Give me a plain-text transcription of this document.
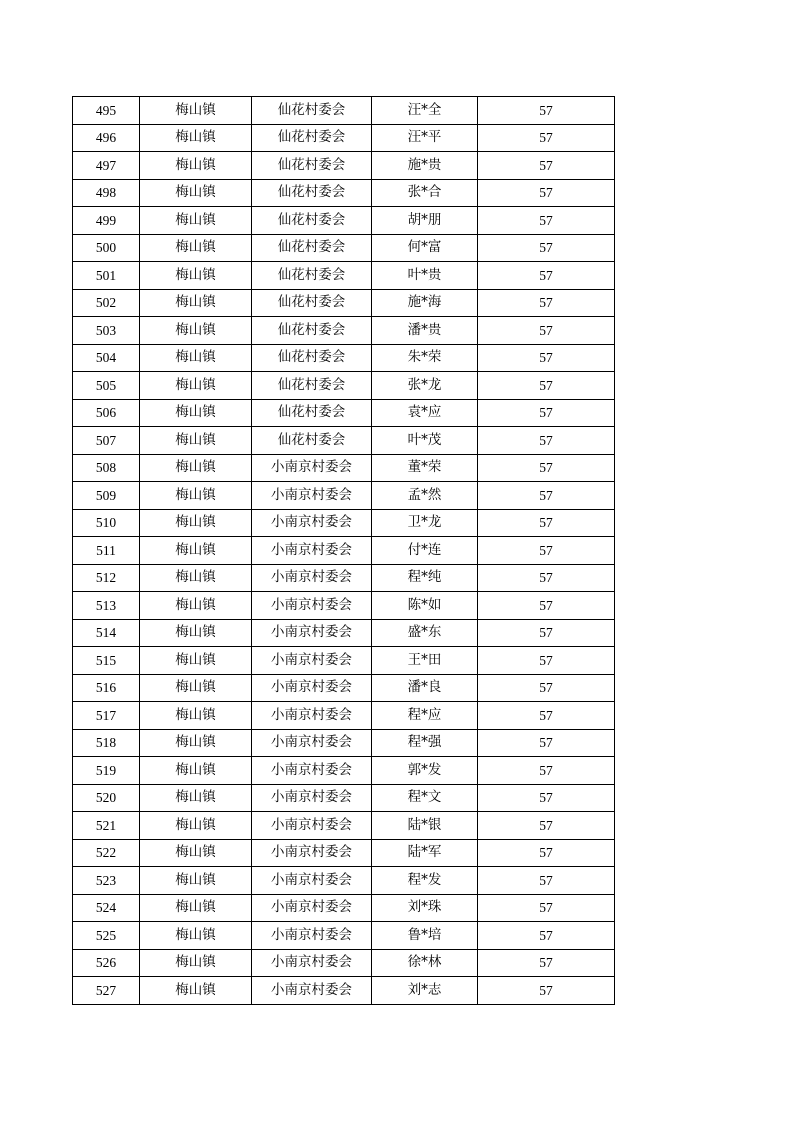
495	梅山镇	仙花村委会	汪*全	57
496	梅山镇	仙花村委会	汪*平	57
497	梅山镇	仙花村委会	施*贵	57
498	梅山镇	仙花村委会	张*合	57
499	梅山镇	仙花村委会	胡*朋	57
500	梅山镇	仙花村委会	何*富	57
501	梅山镇	仙花村委会	叶*贵	57
502	梅山镇	仙花村委会	施*海	57
503	梅山镇	仙花村委会	潘*贵	57
504	梅山镇	仙花村委会	朱*荣	57
505	梅山镇	仙花村委会	张*龙	57
506	梅山镇	仙花村委会	袁*应	57
507	梅山镇	仙花村委会	叶*茂	57
508	梅山镇	小南京村委会	董*荣	57
509	梅山镇	小南京村委会	孟*然	57
510	梅山镇	小南京村委会	卫*龙	57
511	梅山镇	小南京村委会	付*连	57
512	梅山镇	小南京村委会	程*纯	57
513	梅山镇	小南京村委会	陈*如	57
514	梅山镇	小南京村委会	盛*东	57
515	梅山镇	小南京村委会	王*田	57
516	梅山镇	小南京村委会	潘*良	57
517	梅山镇	小南京村委会	程*应	57
518	梅山镇	小南京村委会	程*强	57
519	梅山镇	小南京村委会	郭*发	57
520	梅山镇	小南京村委会	程*文	57
521	梅山镇	小南京村委会	陆*银	57
522	梅山镇	小南京村委会	陆*军	57
523	梅山镇	小南京村委会	程*发	57
524	梅山镇	小南京村委会	刘*珠	57
525	梅山镇	小南京村委会	鲁*培	57
526	梅山镇	小南京村委会	徐*林	57
527	梅山镇	小南京村委会	刘*志	57
